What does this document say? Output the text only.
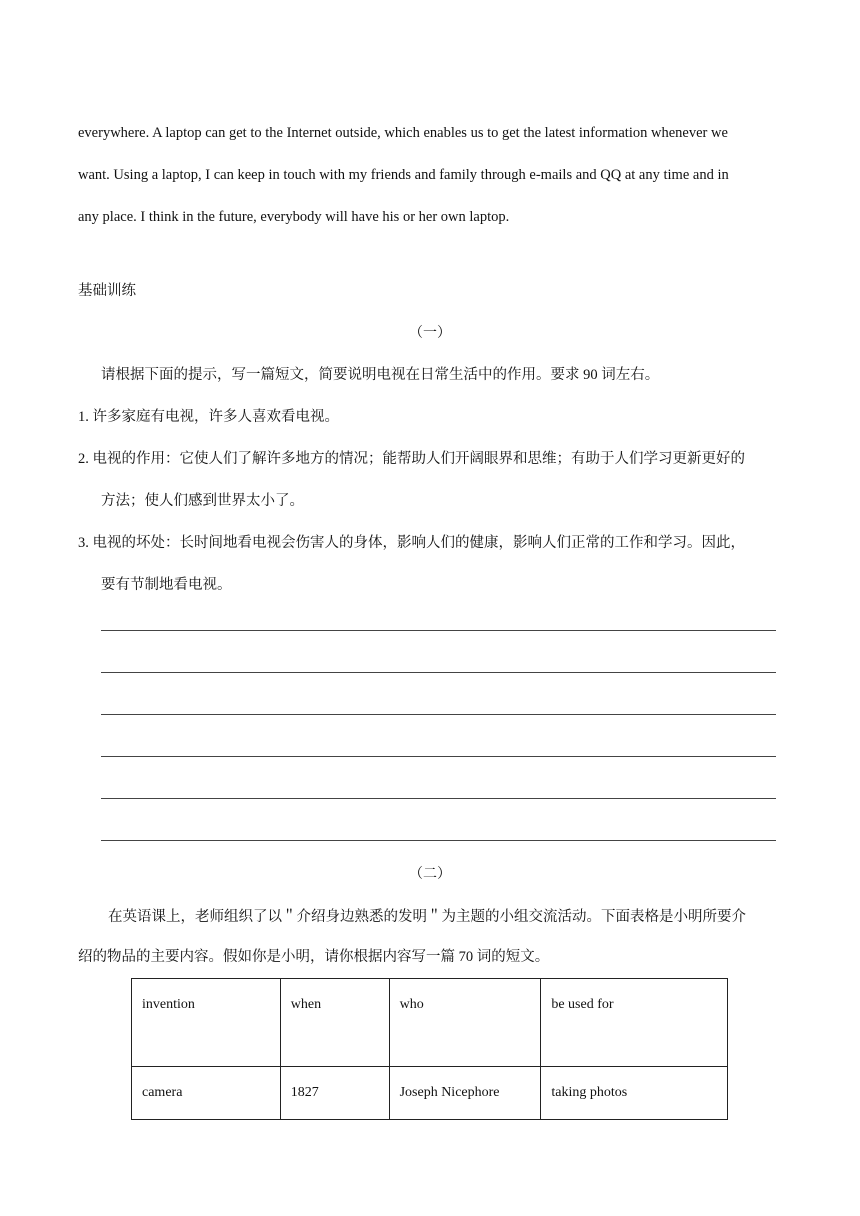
everywhere. A laptop can get to the Internet outside, which enables us to get the latest information whenever we

want. Using a laptop, I can keep in touch with my friends and family through e-mails and QQ at any time and in

any place. I think in the future, everybody will have his or her own laptop.

基础训练
（一）
请根据下面的提示，写一篇短文，简要说明电视在日常生活中的作用。要求 90 词左右。
1. 许多家庭有电视，许多人喜欢看电视。
2. 电视的作用：它使人们了解许多地方的情况；能帮助人们开阔眼界和思维；有助于人们学习更新更好的
方法；使人们感到世界太小了。
3. 电视的坏处：长时间地看电视会伤害人的身体，影响人们的健康，影响人们正常的工作和学习。因此，
要有节制地看电视。
（二）
在英语课上，老师组织了以＂介绍身边熟悉的发明＂为主题的小组交流活动。下面表格是小明所要介
绍的物品的主要内容。假如你是小明，请你根据内容写一篇 70 词的短文。
invention	when	who	be used for
camera	1827	Joseph Nicephore	taking photos
